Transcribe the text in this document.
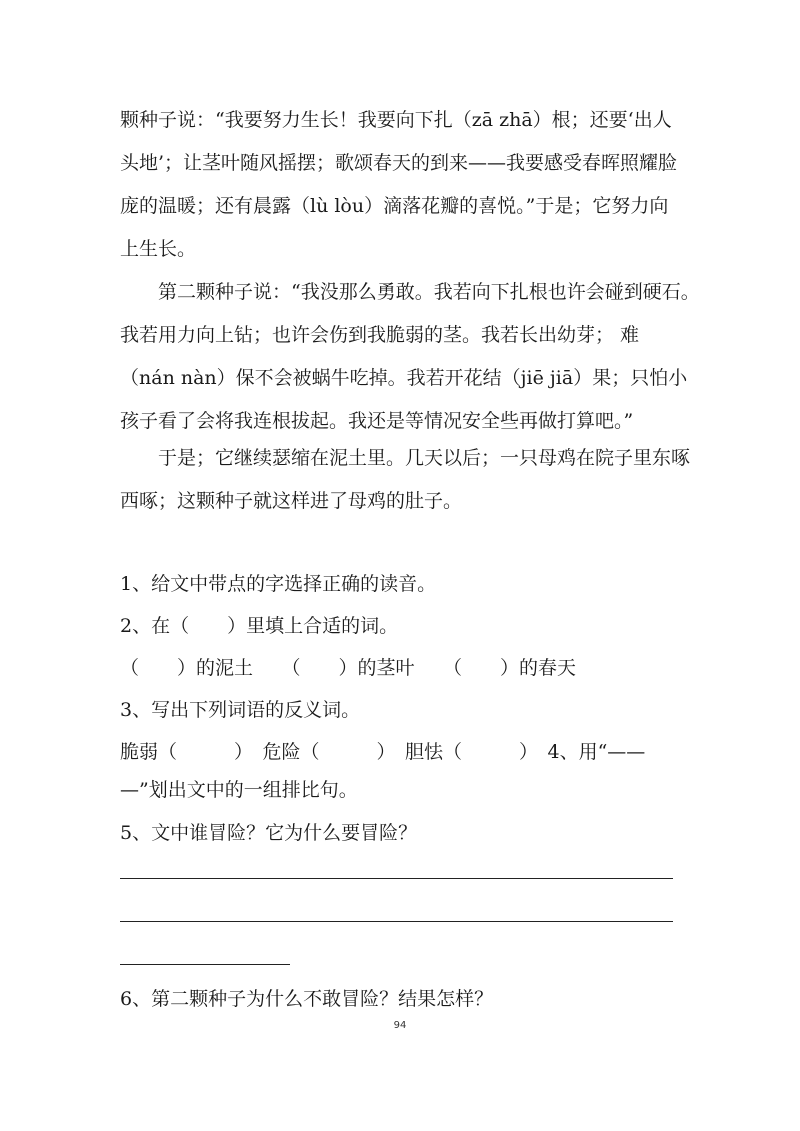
颗种子说：“我要努力生长！我要向下扎（zā zhā）根；还要‘出人
头地’；让茎叶随风摇摆；歌颂春天的到来——我要感受春晖照耀脸
庞的温暖；还有晨露（lù lòu）滴落花瓣的喜悦。”于是；它努力向
上生长。
第二颗种子说：“我没那么勇敢。我若向下扎根也许会碰到硬石。
我若用力向上钻；也许会伤到我脆弱的茎。我若长出幼芽； 难
（nán nàn）保不会被蜗牛吃掉。我若开花结（jiē jiā）果；只怕小
孩子看了会将我连根拔起。我还是等情况安全些再做打算吧。”
于是；它继续瑟缩在泥土里。几天以后；一只母鸡在院子里东啄
西啄；这颗种子就这样进了母鸡的肚子。
1、给文中带点的字选择正确的读音。
2、在（　　）里填上合适的词。
（　　）的泥土　　（　　）的茎叶　　（　　）的春天
3、写出下列词语的反义词。
脆弱（　　　）　危险（　　　）　胆怯（　　　）　4、用“——
—”划出文中的一组排比句。
5、文中谁冒险？它为什么要冒险？
6、第二颗种子为什么不敢冒险？结果怎样？
94
